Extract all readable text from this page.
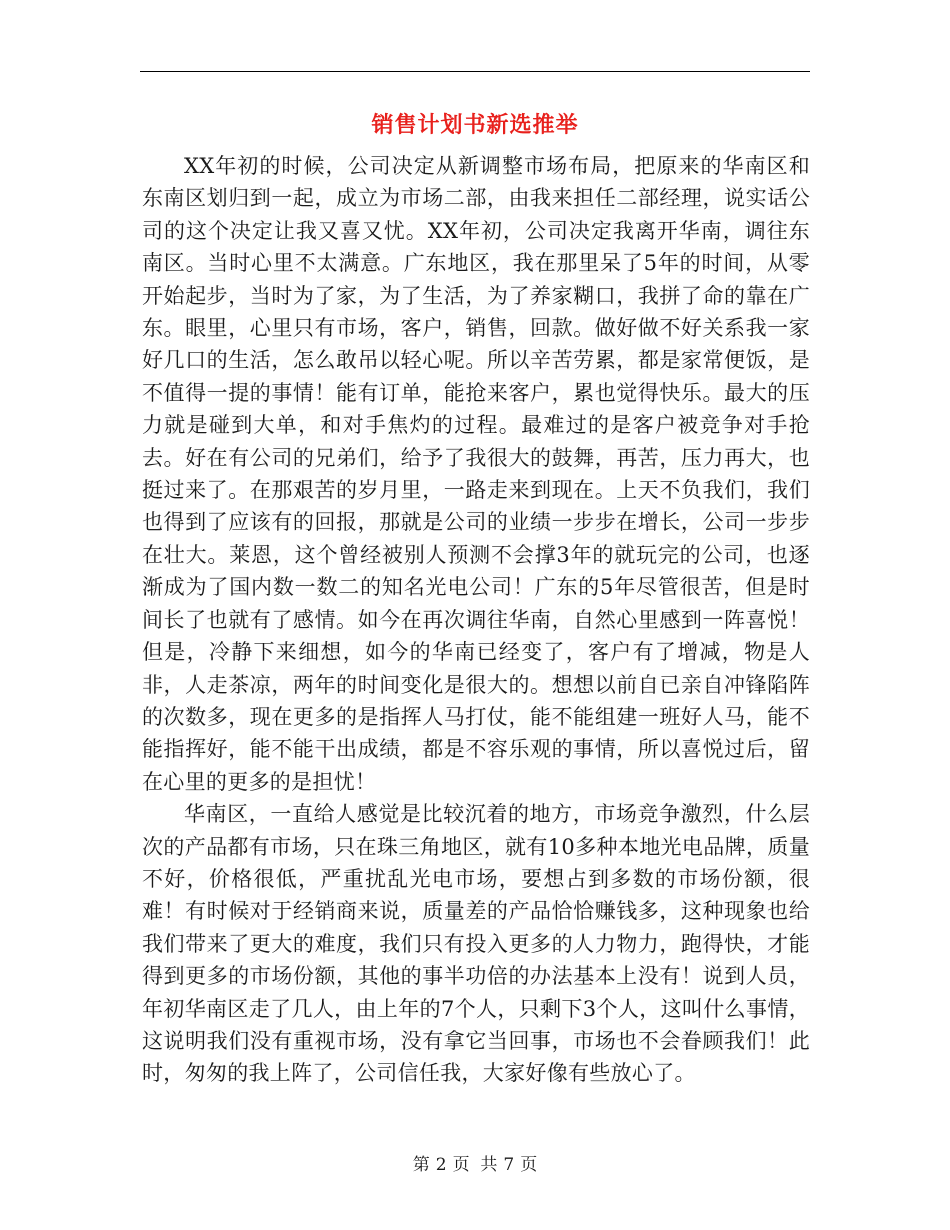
销售计划书新选推举

XX年初的时候，公司决定从新调整市场布局，把原来的华南区和东南区划归到一起，成立为市场二部，由我来担任二部经理，说实话公司的这个决定让我又喜又忧。XX年初，公司决定我离开华南，调往东南区。当时心里不太满意。广东地区，我在那里呆了5年的时间，从零开始起步，当时为了家，为了生活，为了养家糊口，我拼了命的靠在广东。眼里，心里只有市场，客户，销售，回款。做好做不好关系我一家好几口的生活，怎么敢吊以轻心呢。所以辛苦劳累，都是家常便饭，是不值得一提的事情！能有订单，能抢来客户，累也觉得快乐。最大的压力就是碰到大单，和对手焦灼的过程。最难过的是客户被竞争对手抢去。好在有公司的兄弟们，给予了我很大的鼓舞，再苦，压力再大，也挺过来了。在那艰苦的岁月里，一路走来到现在。上天不负我们，我们也得到了应该有的回报，那就是公司的业绩一步步在增长，公司一步步在壮大。莱恩，这个曾经被别人预测不会撑3年的就玩完的公司，也逐渐成为了国内数一数二的知名光电公司！广东的5年尽管很苦，但是时间长了也就有了感情。如今在再次调往华南，自然心里感到一阵喜悦！但是，冷静下来细想，如今的华南已经变了，客户有了增减，物是人非，人走茶凉，两年的时间变化是很大的。想想以前自已亲自冲锋陷阵的次数多，现在更多的是指挥人马打仗，能不能组建一班好人马，能不能指挥好，能不能干出成绩，都是不容乐观的事情，所以喜悦过后，留在心里的更多的是担忧！

华南区，一直给人感觉是比较沉着的地方，市场竞争激烈，什么层次的产品都有市场，只在珠三角地区，就有10多种本地光电品牌，质量不好，价格很低，严重扰乱光电市场，要想占到多数的市场份额，很难！有时候对于经销商来说，质量差的产品恰恰赚钱多，这种现象也给我们带来了更大的难度，我们只有投入更多的人力物力，跑得快，才能得到更多的市场份额，其他的事半功倍的办法基本上没有！说到人员，年初华南区走了几人，由上年的7个人，只剩下3个人，这叫什么事情，这说明我们没有重视市场，没有拿它当回事，市场也不会眷顾我们！此时，匆匆的我上阵了，公司信任我，大家好像有些放心了。

第 2 页  共 7 页
